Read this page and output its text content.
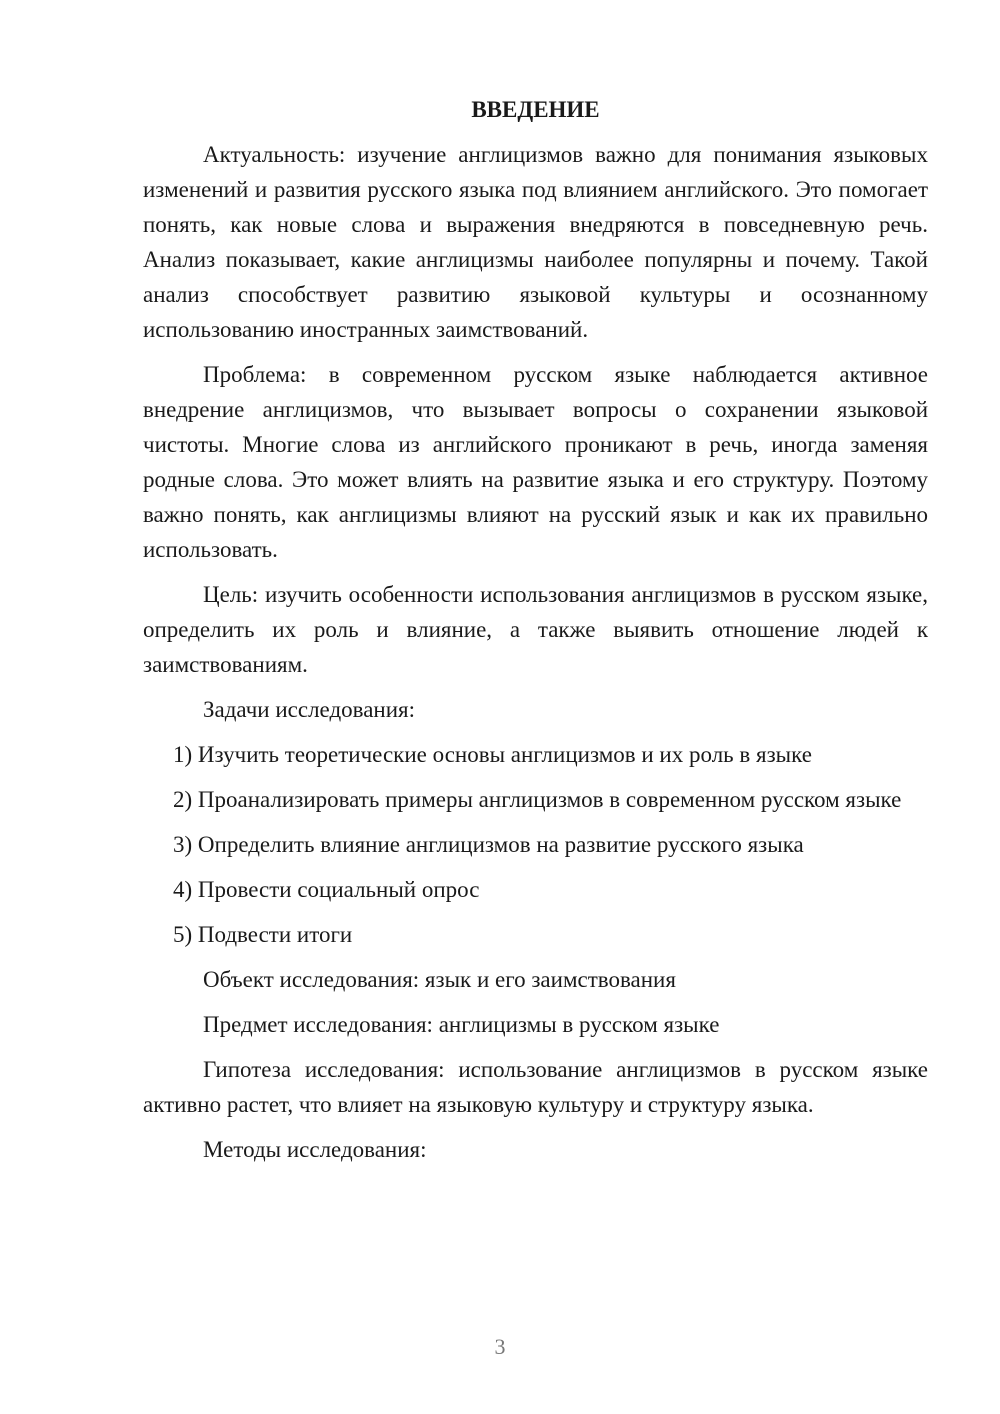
ВВЕДЕНИЕ

Актуальность: изучение англицизмов важно для понимания языковых изменений и развития русского языка под влиянием английского. Это помогает понять, как новые слова и выражения внедряются в повседневную речь. Анализ показывает, какие англицизмы наиболее популярны и почему. Такой анализ способствует развитию языковой культуры и осознанному использованию иностранных заимствований.

Проблема: в современном русском языке наблюдается активное внедрение англицизмов, что вызывает вопросы о сохранении языковой чистоты. Многие слова из английского проникают в речь, иногда заменяя родные слова. Это может влиять на развитие языка и его структуру. Поэтому важно понять, как англицизмы влияют на русский язык и как их правильно использовать.

Цель: изучить особенности использования англицизмов в русском языке, определить их роль и влияние, а также выявить отношение людей к заимствованиям.

Задачи исследования:

1) Изучить теоретические основы англицизмов и их роль в языке

2) Проанализировать примеры англицизмов в современном русском языке

3) Определить влияние англицизмов на развитие русского языка

4) Провести социальный опрос

5) Подвести итоги

Объект исследования: язык и его заимствования

Предмет исследования: англицизмы в русском языке

Гипотеза исследования: использование англицизмов в русском языке активно растет, что влияет на языковую культуру и структуру языка.

Методы исследования:

3
